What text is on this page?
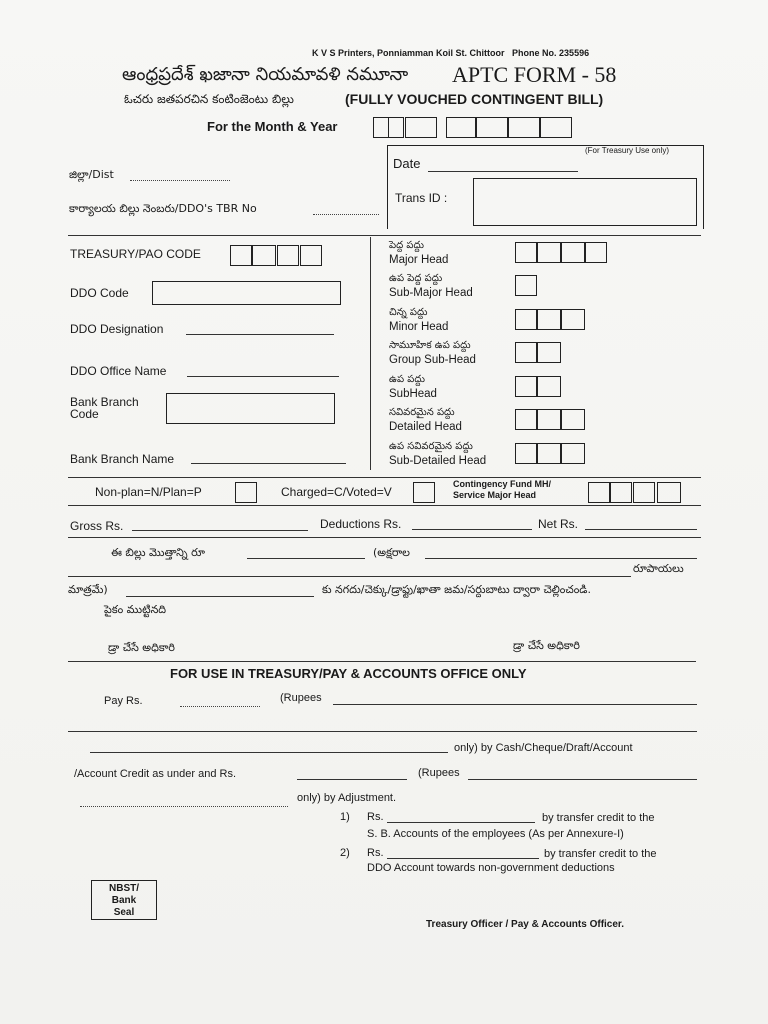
K V S Printers, Ponniamman Koil St. Chittoor Phone No. 235596
ఆంధ్రప్రదేశ్ ఖజానా నియమావళి నమూనా APTC FORM - 58
ఓచరు జతపరచిన కంటింజెంటు బిల్లు	(FULLY VOUCHED CONTINGENT BILL)
For the Month & Year
(For Treasury Use only)
Date
Trans ID :
జిల్లా/Dist
కార్యాలయ బిల్లు నెంబరు/DDO's TBR No
TREASURY/PAO CODE
DDO Code
DDO Designation
DDO Office Name
Bank Branch
Code
Bank Branch Name
పెద్ద పద్దు
Major Head
ఉప పెద్ద పద్దు
Sub-Major Head
చిన్న పద్దు
Minor Head
సామూహిక ఉప పద్దు
Group Sub-Head
ఉప పద్దు
SubHead
సవివరమైన పద్దు
Detailed Head
ఉప సవివరమైన పద్దు
Sub-Detailed Head
Non-plan=N/Plan=P	Charged=C/Voted=V
Contingency Fund MH/
Service Major Head
Gross Rs.	Deductions Rs.	Net Rs.
ఈ బిల్లు మొత్తాన్ని రూ	(అక్షరాల
రూపాయలు
మాత్రమే)	కు నగదు/చెక్కు/డ్రాఫ్టు/ఖాతా జమ/సర్దుబాటు ద్వారా చెల్లించండి.
పైకం ముట్టినది
డ్రా చేసే అధికారి	డ్రా చేసే అధికారి
FOR USE IN TREASURY/PAY & ACCOUNTS OFFICE ONLY
Pay Rs.	(Rupees
only) by Cash/Cheque/Draft/Account
/Account Credit as under and Rs.	(Rupees
only) by Adjustment.
1) Rs.	by transfer credit to the
S. B. Accounts of the employees (As per Annexure-I)
2) Rs.	by transfer credit to the
DDO Account towards non-government deductions
NBST/
Bank
Seal
Treasury Officer / Pay & Accounts Officer.
